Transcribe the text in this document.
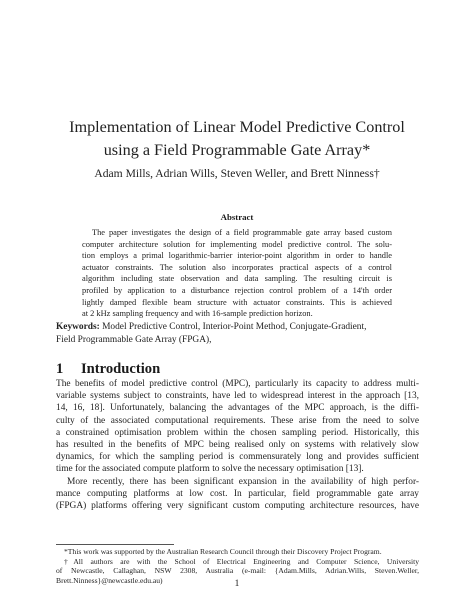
Implementation of Linear Model Predictive Control
using a Field Programmable Gate Array*
Adam Mills, Adrian Wills, Steven Weller, and Brett Ninness†
Abstract
The paper investigates the design of a field programmable gate array based custom
computer architecture solution for implementing model predictive control. The solu-
tion employs a primal logarithmic-barrier interior-point algorithm in order to handle
actuator constraints. The solution also incorporates practical aspects of a control
algorithm including state observation and data sampling. The resulting circuit is
profiled by application to a disturbance rejection control problem of a 14'th order
lightly damped flexible beam structure with actuator constraints. This is achieved
at 2 kHz sampling frequency and with 16-sample prediction horizon.
Keywords: Model Predictive Control, Interior-Point Method, Conjugate-Gradient,
Field Programmable Gate Array (FPGA),
1 Introduction
The benefits of model predictive control (MPC), particularly its capacity to address multi-
variable systems subject to constraints, have led to widespread interest in the approach [13,
14, 16, 18]. Unfortunately, balancing the advantages of the MPC approach, is the diffi-
culty of the associated computational requirements. These arise from the need to solve
a constrained optimisation problem within the chosen sampling period. Historically, this
has resulted in the benefits of MPC being realised only on systems with relatively slow
dynamics, for which the sampling period is commensurately long and provides sufficient
time for the associated compute platform to solve the necessary optimisation [13].
More recently, there has been significant expansion in the availability of high perfor-
mance computing platforms at low cost. In particular, field programmable gate array
(FPGA) platforms offering very significant custom computing architecture resources, have
*This work was supported by the Australian Research Council through their Discovery Project Program.
†All authors are with the School of Electrical Engineering and Computer Science, University
of Newcastle, Callaghan, NSW 2308, Australia (e-mail: {Adam.Mills, Adrian.Wills, Steven.Weller,
Brett.Ninness}@newcastle.edu.au)	1
